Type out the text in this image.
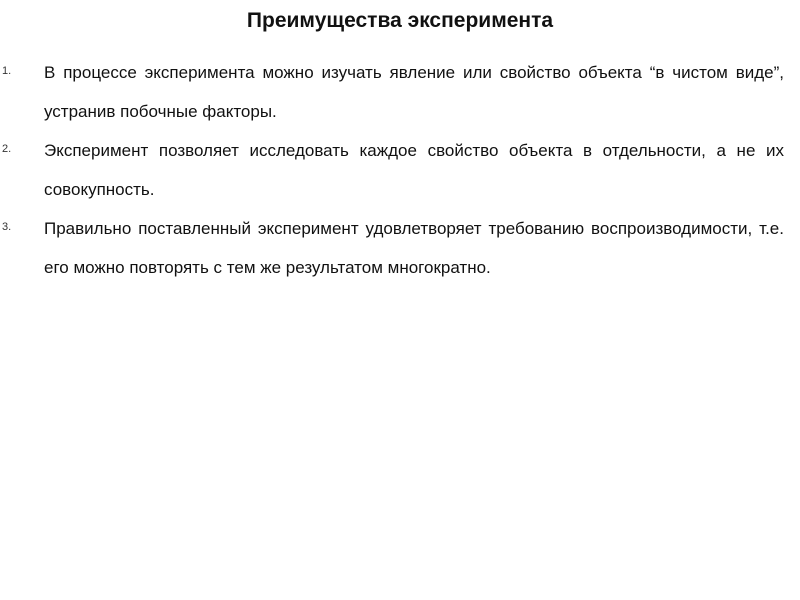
Преимущества эксперимента
1. В процессе эксперимента можно изучать явление или свойство объекта “в чистом виде”, устранив побочные факторы.
2. Эксперимент позволяет исследовать каждое свойство объекта в отдельности, а не их совокупность.
3. Правильно поставленный эксперимент удовлетворяет требованию воспроизводимости, т.е. его можно повторять с тем же результатом многократно.
